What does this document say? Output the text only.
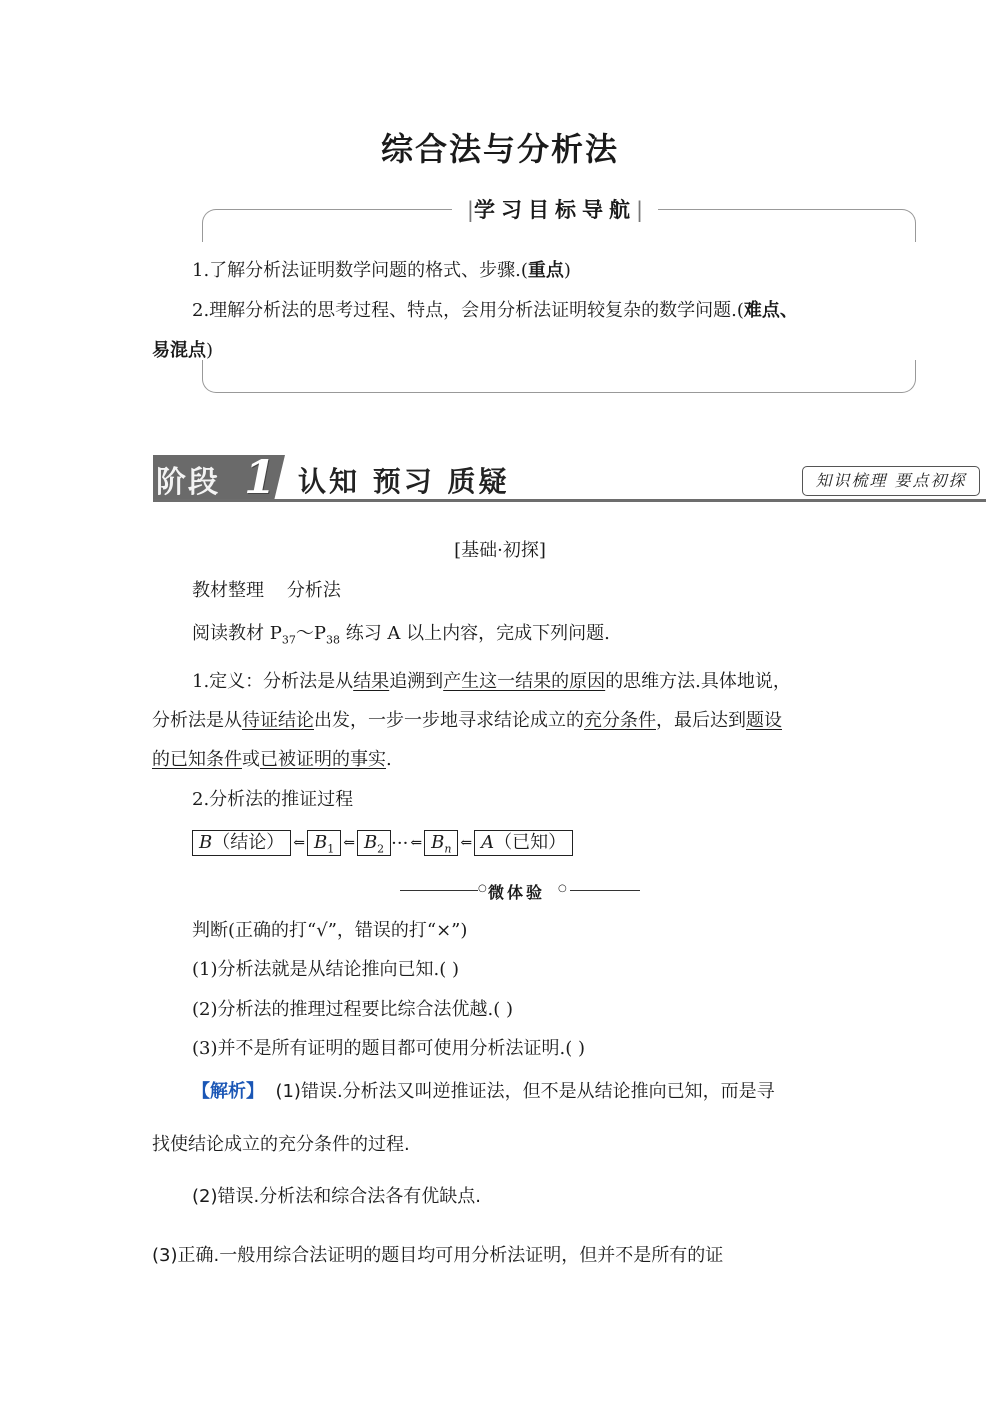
综合法与分析法
|学习目标导航|
1.了解分析法证明数学问题的格式、步骤.(重点)
2.理解分析法的思考过程、特点，会用分析法证明较复杂的数学问题.(难点、
易混点)
阶段 1 认知 预习 质疑	知识梳理 要点初探
[基础·初探]
教材整理 分析法
阅读教材 $P_{37}\sim P_{38}$ 练习 A 以上内容，完成下列问题.
1.定义：分析法是从结果追溯到产生这一结果的原因的思维方法.具体地说，
分析法是从待证结论出发，一步一步地寻求结论成立的充分条件，最后达到题设
的已知条件或已被证明的事实.
2.分析法的推证过程
B（结论） ⇐ $B_1$ ⇐ $B_2$ ··· ⇐ $B_n$ ⇐ A（已知）
○ 微体验 ○
判断(正确的打“√”，错误的打“×”)
(1)分析法就是从结论推向已知.( )
(2)分析法的推理过程要比综合法优越.( )
(3)并不是所有证明的题目都可使用分析法证明.( )
【解析】 (1)错误.分析法又叫逆推证法，但不是从结论推向已知，而是寻
找使结论成立的充分条件的过程.
(2)错误.分析法和综合法各有优缺点.
(3)正确.一般用综合法证明的题目均可用分析法证明，但并不是所有的证
